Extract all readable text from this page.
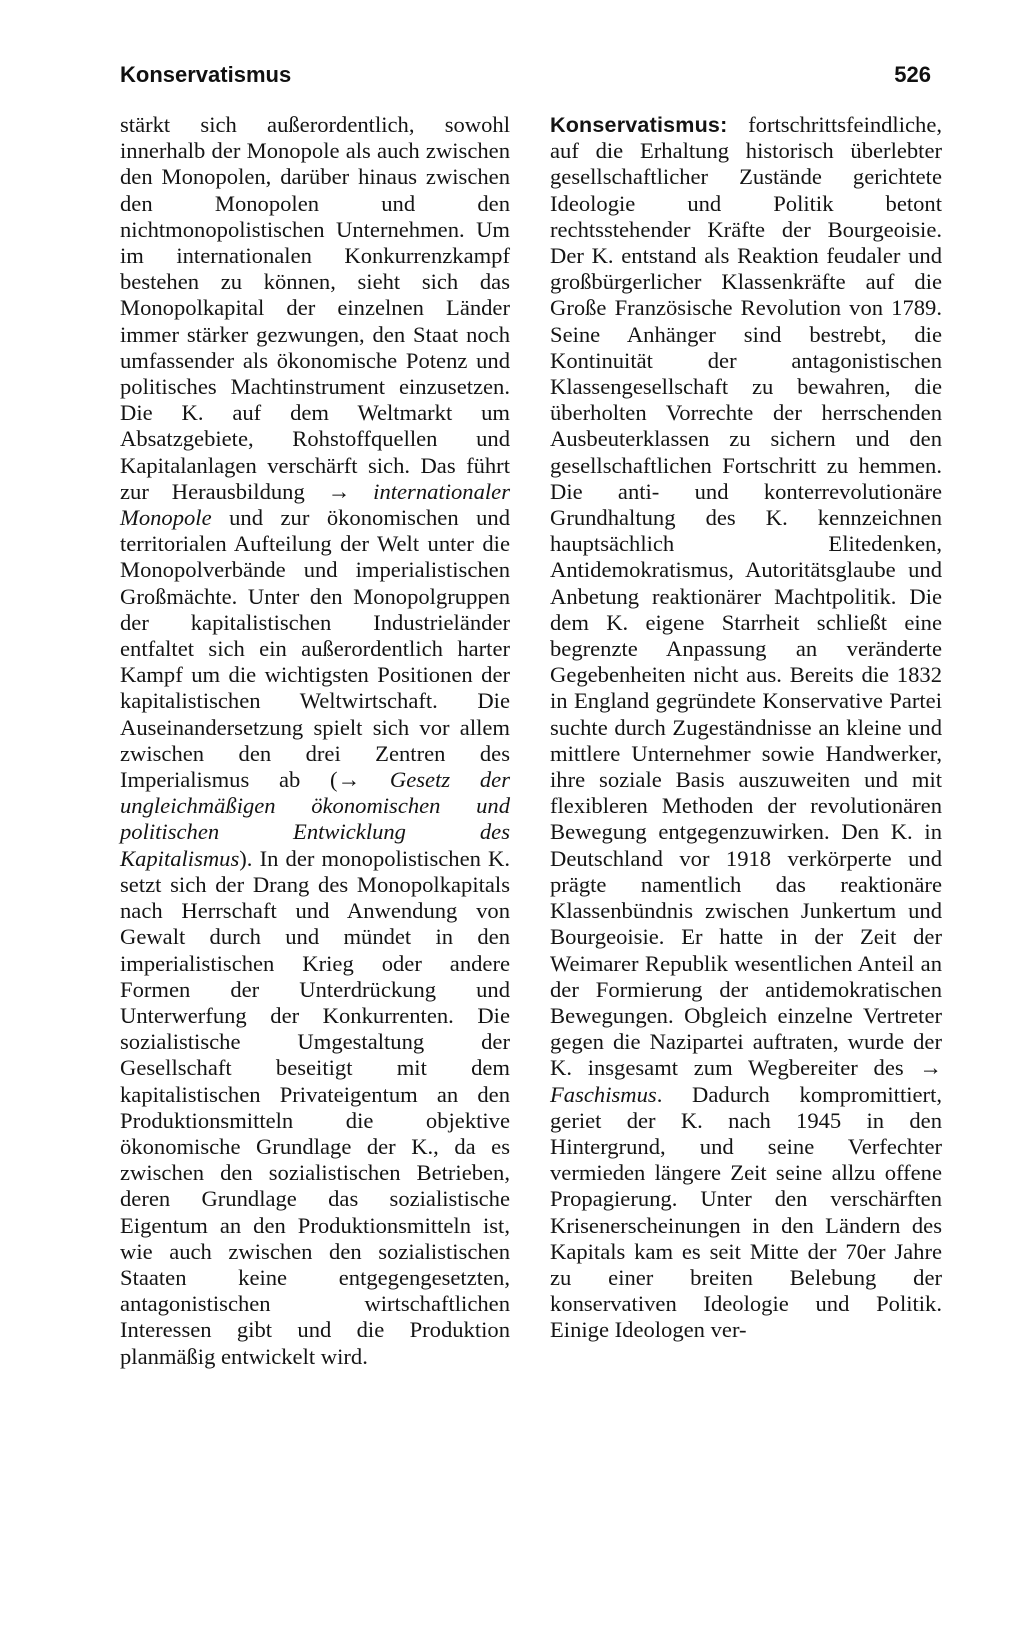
Konservatismus	526

stärkt sich außerordentlich, sowohl innerhalb der Monopole als auch zwischen den Monopolen, darüber hinaus zwischen den Monopolen und den nichtmonopolistischen Unternehmen. Um im internationalen Konkurrenzkampf bestehen zu können, sieht sich das Monopolkapital der einzelnen Länder immer stärker gezwungen, den Staat noch umfassender als ökonomische Potenz und politisches Machtinstrument einzusetzen. Die K. auf dem Weltmarkt um Absatzgebiete, Rohstoffquellen und Kapitalanlagen verschärft sich. Das führt zur Herausbildung → internationaler Monopole und zur ökonomischen und territorialen Aufteilung der Welt unter die Monopolverbände und imperialistischen Großmächte. Unter den Monopolgruppen der kapitalistischen Industrieländer entfaltet sich ein außerordentlich harter Kampf um die wichtigsten Positionen der kapitalistischen Weltwirtschaft. Die Auseinandersetzung spielt sich vor allem zwischen den drei Zentren des Imperialismus ab (→ Gesetz der ungleichmäßigen ökonomischen und politischen Entwicklung des Kapitalismus). In der monopolistischen K. setzt sich der Drang des Monopolkapitals nach Herrschaft und Anwendung von Gewalt durch und mündet in den imperialistischen Krieg oder andere Formen der Unterdrückung und Unterwerfung der Konkurrenten. Die sozialistische Umgestaltung der Gesellschaft beseitigt mit dem kapitalistischen Privateigentum an den Produktionsmitteln die objektive ökonomische Grundlage der K., da es zwischen den sozialistischen Betrieben, deren Grundlage das sozialistische Eigentum an den Produktionsmitteln ist, wie auch zwischen den sozialistischen Staaten keine entgegengesetzten, antagonistischen wirtschaftlichen Interessen gibt und die Produktion planmäßig entwickelt wird.

Konservatismus: fortschrittsfeindliche, auf die Erhaltung historisch überlebter gesellschaftlicher Zustände gerichtete Ideologie und Politik betont rechtsstehender Kräfte der Bourgeoisie. Der K. entstand als Reaktion feudaler und großbürgerlicher Klassenkräfte auf die Große Französische Revolution von 1789. Seine Anhänger sind bestrebt, die Kontinuität der antagonistischen Klassengesellschaft zu bewahren, die überholten Vorrechte der herrschenden Ausbeuterklassen zu sichern und den gesellschaftlichen Fortschritt zu hemmen. Die anti- und konterrevolutionäre Grundhaltung des K. kennzeichnen hauptsächlich Elitedenken, Antidemokratismus, Autoritätsglaube und Anbetung reaktionärer Machtpolitik. Die dem K. eigene Starrheit schließt eine begrenzte Anpassung an veränderte Gegebenheiten nicht aus. Bereits die 1832 in England gegründete Konservative Partei suchte durch Zugeständnisse an kleine und mittlere Unternehmer sowie Handwerker, ihre soziale Basis auszuweiten und mit flexibleren Methoden der revolutionären Bewegung entgegenzuwirken. Den K. in Deutschland vor 1918 verkörperte und prägte namentlich das reaktionäre Klassenbündnis zwischen Junkertum und Bourgeoisie. Er hatte in der Zeit der Weimarer Republik wesentlichen Anteil an der Formierung der antidemokratischen Bewegungen. Obgleich einzelne Vertreter gegen die Nazipartei auftraten, wurde der K. insgesamt zum Wegbereiter des → Faschismus. Dadurch kompromittiert, geriet der K. nach 1945 in den Hintergrund, und seine Verfechter vermieden längere Zeit seine allzu offene Propagierung. Unter den verschärften Krisenerscheinungen in den Ländern des Kapitals kam es seit Mitte der 70er Jahre zu einer breiten Belebung der konservativen Ideologie und Politik. Einige Ideologen ver-
